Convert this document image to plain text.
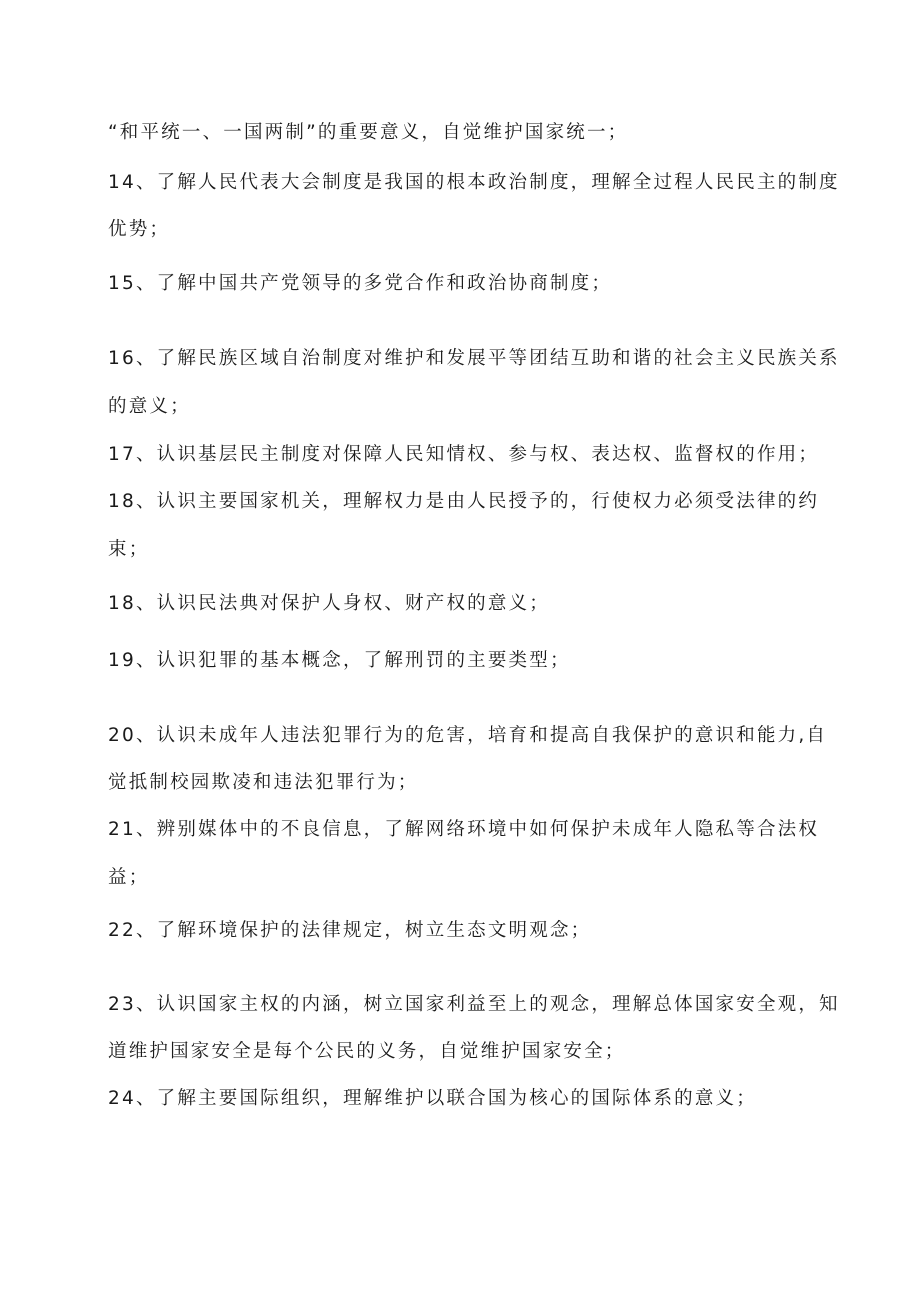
“和平统一、一国两制”的重要意义，自觉维护国家统一；
14、了解人民代表大会制度是我国的根本政治制度，理解全过程人民民主的制度
优势；
15、了解中国共产党领导的多党合作和政治协商制度；
16、了解民族区域自治制度对维护和发展平等团结互助和谐的社会主义民族关系
的意义；
17、认识基层民主制度对保障人民知情权、参与权、表达权、监督权的作用；
18、认识主要国家机关，理解权力是由人民授予的，行使权力必须受法律的约
束；
18、认识民法典对保护人身权、财产权的意义；
19、认识犯罪的基本概念，了解刑罚的主要类型；
20、认识未成年人违法犯罪行为的危害，培育和提高自我保护的意识和能力,自
觉抵制校园欺凌和违法犯罪行为；
21、辨别媒体中的不良信息，了解网络环境中如何保护未成年人隐私等合法权
益；
22、了解环境保护的法律规定，树立生态文明观念；
23、认识国家主权的内涵，树立国家利益至上的观念，理解总体国家安全观，知
道维护国家安全是每个公民的义务，自觉维护国家安全；
24、了解主要国际组织，理解维护以联合国为核心的国际体系的意义；
